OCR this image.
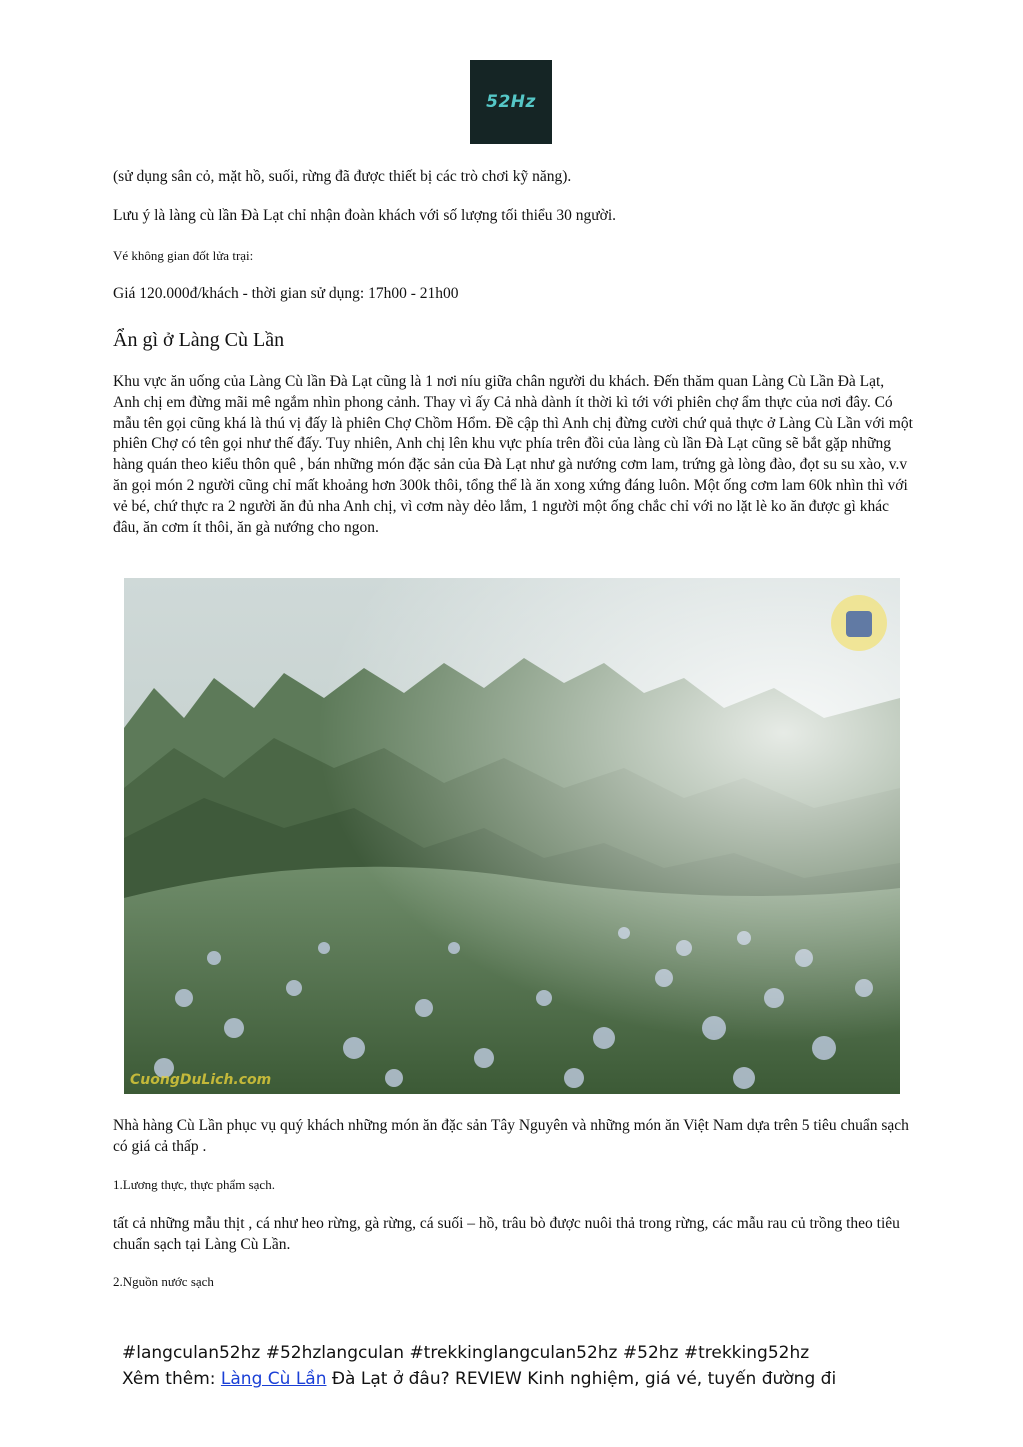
52Hz

(sử dụng sân cỏ, mặt hồ, suối, rừng đã được thiết bị các trò chơi kỹ năng).

Lưu ý là làng cù lần Đà Lạt chỉ nhận đoàn khách với số lượng tối thiểu 30 người.

Vé không gian đốt lửa trại:

Giá 120.000đ/khách - thời gian sử dụng: 17h00 - 21h00

Ẩn gì ở Làng Cù Lần

Khu vực ăn uống của Làng Cù lần Đà Lạt cũng là 1 nơi níu giữa chân người du khách. Đến thăm quan Làng Cù Lần Đà Lạt, Anh chị em đừng mãi mê ngắm nhìn phong cảnh. Thay vì ấy Cả nhà dành ít thời kì tới với phiên chợ ẩm thực của nơi đây. Có mẫu tên gọi cũng khá là thú vị đấy là phiên Chợ Chồm Hổm. Đề cập thì Anh chị đừng cười chứ quả thực ở Làng Cù Lần với một phiên Chợ có tên gọi như thế đấy. Tuy nhiên, Anh chị lên khu vực phía trên đồi của làng cù lần Đà Lạt cũng sẽ bắt gặp những hàng quán theo kiểu thôn quê , bán những món đặc sản của Đà Lạt như gà nướng cơm lam, trứng gà lòng đào, đọt su su xào, v.v ăn gọi món 2 người cũng chỉ mất khoảng hơn 300k thôi, tổng thể là ăn xong xứng đáng luôn. Một ống cơm lam 60k nhìn thì với vẻ bé, chứ thực ra 2 người ăn đủ nha Anh chị, vì cơm này dẻo lắm, 1 người một ống chắc chỉ với no lặt lè ko ăn được gì khác đâu, ăn cơm ít thôi, ăn gà nướng cho ngon.

CuongDuLich.com

Nhà hàng Cù Lần phục vụ quý khách những món ăn đặc sản Tây Nguyên và những món ăn Việt Nam dựa trên 5 tiêu chuẩn sạch có giá cả thấp .

1.Lương thực, thực phẩm sạch.

tất cả những mẫu thịt , cá như heo rừng, gà rừng, cá suối – hồ, trâu bò được nuôi thả trong rừng, các mẫu rau củ trồng theo tiêu chuẩn sạch tại Làng Cù Lần.

2.Nguồn nước sạch

#langculan52hz #52hzlangculan #trekkinglangculan52hz #52hz #trekking52hz
Xêm thêm: Làng Cù Lần Đà Lạt ở đâu? REVIEW Kinh nghiệm, giá vé, tuyến đường đi
